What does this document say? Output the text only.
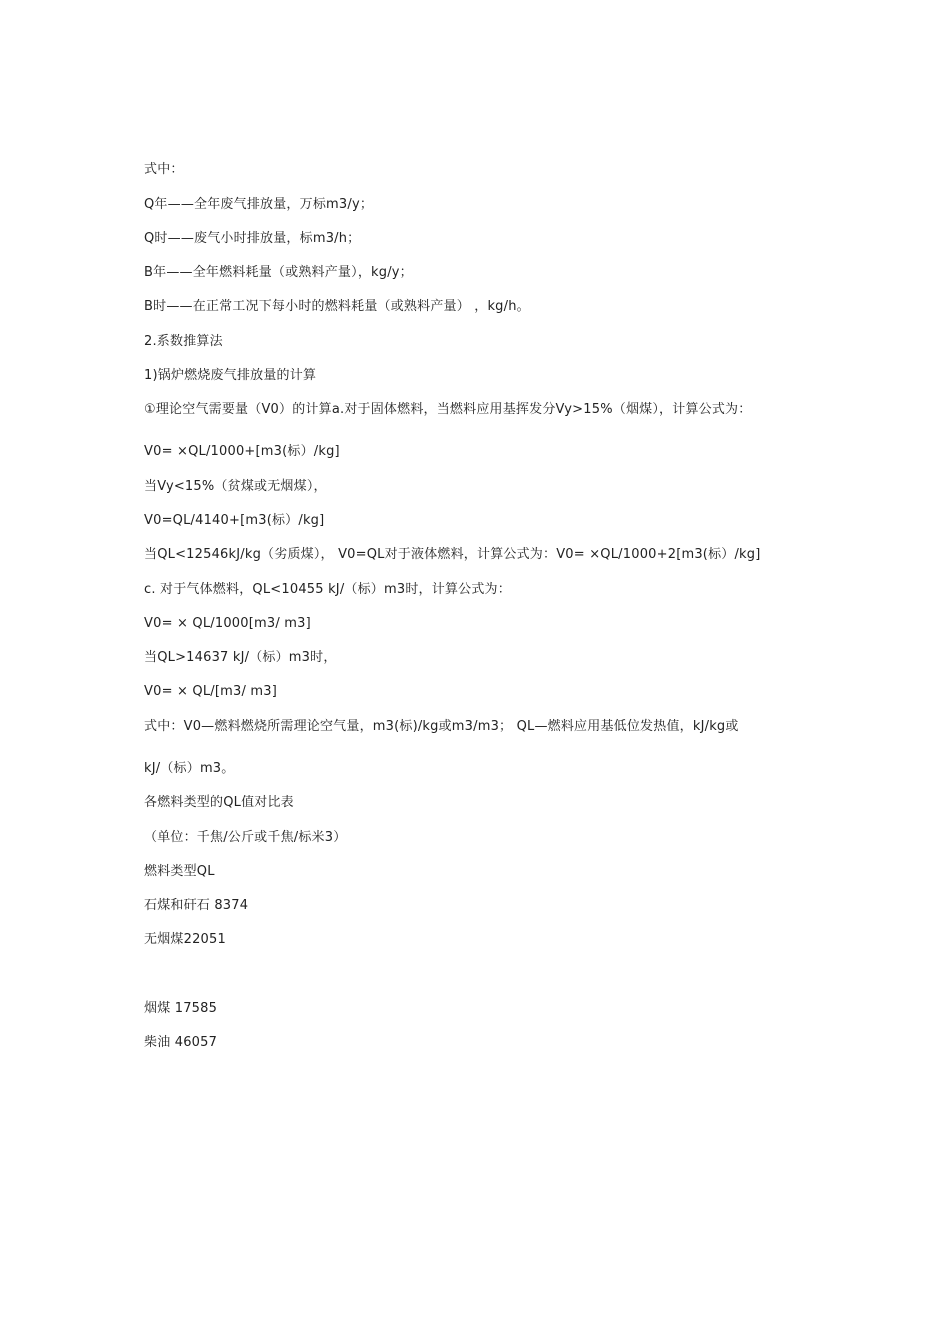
式中：
Q年——全年废气排放量，万标m3/y；
Q时——废气小时排放量，标m3/h；
B年——全年燃料耗量（或熟料产量），kg/y；
B时——在正常工况下每小时的燃料耗量（或熟料产量） ，kg/h。
2.系数推算法
1)锅炉燃烧废气排放量的计算
①理论空气需要量（V0）的计算a.对于固体燃料，当燃料应用基挥发分Vy>15%（烟煤），计算公式为：
V0= ×QL/1000+[m3(标）/kg]
当Vy<15%（贫煤或无烟煤），
V0=QL/4140+[m3(标）/kg]
当QL<12546kJ/kg（劣质煤）， V0=QL对于液体燃料，计算公式为：V0= ×QL/1000+2[m3(标）/kg]
c. 对于气体燃料，QL<10455 kJ/（标）m3时，计算公式为：
V0= × QL/1000[m3/ m3]
当QL>14637 kJ/（标）m3时，
V0= × QL/[m3/ m3]
式中：V0—燃料燃烧所需理论空气量，m3(标)/kg或m3/m3； QL—燃料应用基低位发热值，kJ/kg或
kJ/（标）m3。
各燃料类型的QL值对比表
（单位：千焦/公斤或千焦/标米3）
燃料类型QL
石煤和矸石 8374
无烟煤22051
烟煤 17585
柴油 46057
